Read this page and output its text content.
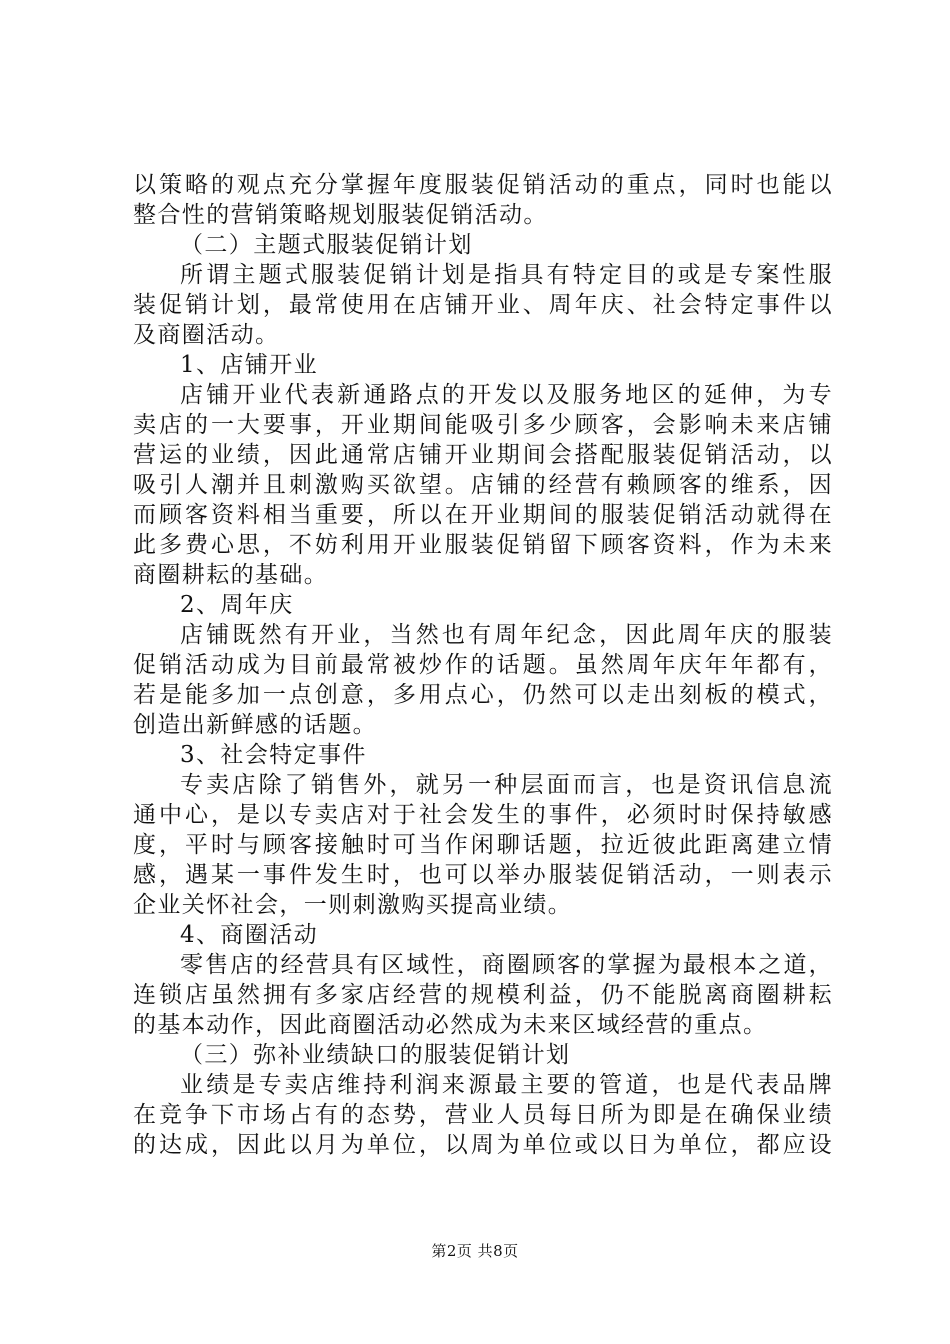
以策略的观点充分掌握年度服装促销活动的重点，同时也能以
整合性的营销策略规划服装促销活动。
（二）主题式服装促销计划
所谓主题式服装促销计划是指具有特定目的或是专案性服
装促销计划，最常使用在店铺开业、周年庆、社会特定事件以
及商圈活动。
1、店铺开业
店铺开业代表新通路点的开发以及服务地区的延伸，为专
卖店的一大要事，开业期间能吸引多少顾客，会影响未来店铺
营运的业绩，因此通常店铺开业期间会搭配服装促销活动，以
吸引人潮并且刺激购买欲望。店铺的经营有赖顾客的维系，因
而顾客资料相当重要，所以在开业期间的服装促销活动就得在
此多费心思，不妨利用开业服装促销留下顾客资料，作为未来
商圈耕耘的基础。
2、周年庆
店铺既然有开业，当然也有周年纪念，因此周年庆的服装
促销活动成为目前最常被炒作的话题。虽然周年庆年年都有，
若是能多加一点创意，多用点心，仍然可以走出刻板的模式，
创造出新鲜感的话题。
3、社会特定事件
专卖店除了销售外，就另一种层面而言，也是资讯信息流
通中心，是以专卖店对于社会发生的事件，必须时时保持敏感
度，平时与顾客接触时可当作闲聊话题，拉近彼此距离建立情
感，遇某一事件发生时，也可以举办服装促销活动，一则表示
企业关怀社会，一则刺激购买提高业绩。
4、商圈活动
零售店的经营具有区域性，商圈顾客的掌握为最根本之道，
连锁店虽然拥有多家店经营的规模利益，仍不能脱离商圈耕耘
的基本动作，因此商圈活动必然成为未来区域经营的重点。
（三）弥补业绩缺口的服装促销计划
业绩是专卖店维持利润来源最主要的管道，也是代表品牌
在竞争下市场占有的态势，营业人员每日所为即是在确保业绩
的达成，因此以月为单位，以周为单位或以日为单位，都应设
第2页 共8页
